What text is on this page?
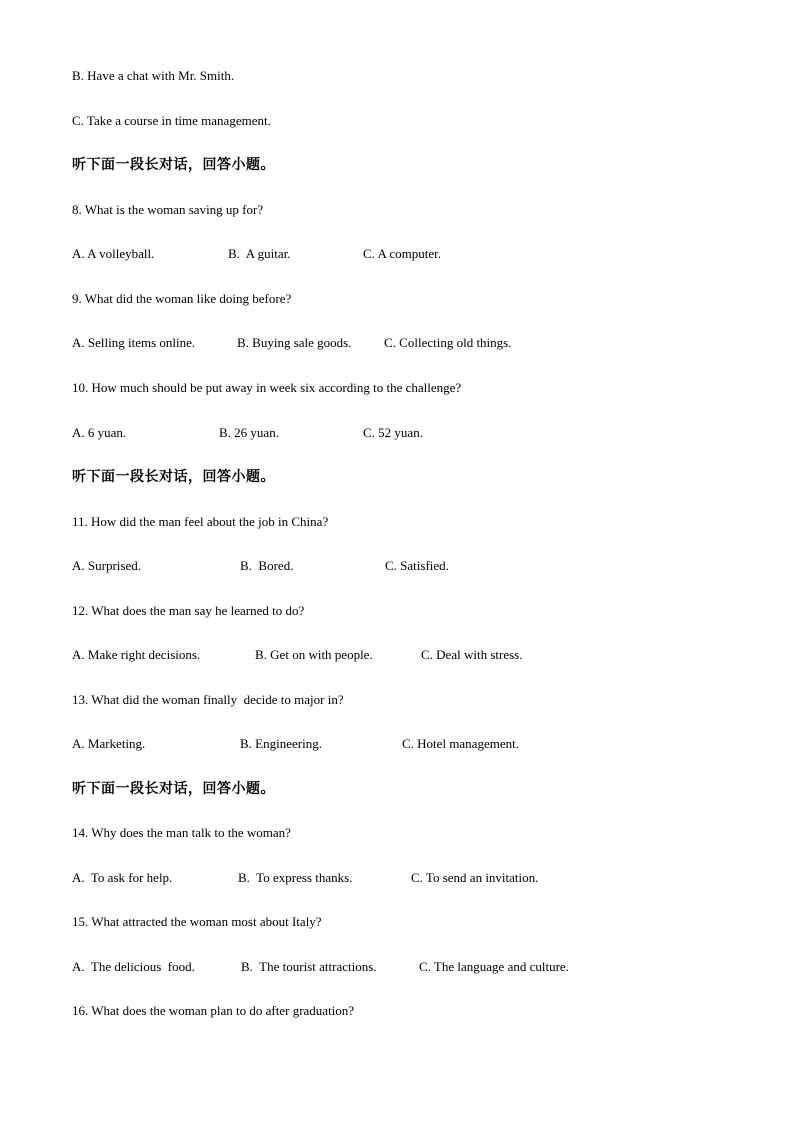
B. Have a chat with Mr. Smith.
C. Take a course in time management.
听下面一段长对话，回答小题。
8. What is the woman saving up for?
A. A volleyball.	B.  A guitar.	C. A computer.
9. What did the woman like doing before?
A. Selling items online.	B. Buying sale goods.	C. Collecting old things.
10. How much should be put away in week six according to the challenge?
A. 6 yuan.	B. 26 yuan.	C. 52 yuan.
听下面一段长对话，回答小题。
11. How did the man feel about the job in China?
A. Surprised.	B.  Bored.	C. Satisfied.
12. What does the man say he learned to do?
A. Make right decisions.	B. Get on with people.	C. Deal with stress.
13. What did the woman finally  decide to major in?
A. Marketing.	B. Engineering.	C. Hotel management.
听下面一段长对话，回答小题。
14. Why does the man talk to the woman?
A.  To ask for help.	B.  To express thanks.	C. To send an invitation.
15. What attracted the woman most about Italy?
A.  The delicious  food.	B.  The tourist attractions.	C. The language and culture.
16. What does the woman plan to do after graduation?
